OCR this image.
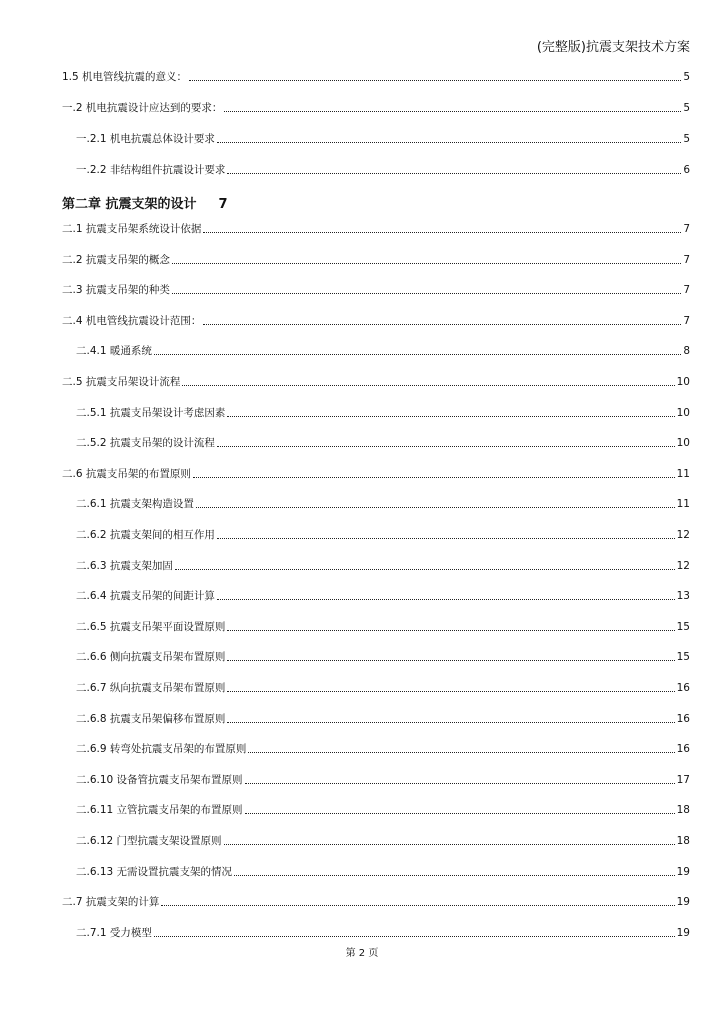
(完整版)抗震支架技术方案
1.5 机电管线抗震的意义：	5
一.2 机电抗震设计应达到的要求：	5
一.2.1 机电抗震总体设计要求	5
一.2.2 非结构组件抗震设计要求	6
第二章 抗震支架的设计 7
二.1 抗震支吊架系统设计依据	7
二.2 抗震支吊架的概念	7
二.3 抗震支吊架的种类	7
二.4 机电管线抗震设计范围：	7
二.4.1 暖通系统	8
二.5 抗震支吊架设计流程	10
二.5.1 抗震支吊架设计考虑因素	10
二.5.2 抗震支吊架的设计流程	10
二.6 抗震支吊架的布置原则	11
二.6.1 抗震支架构造设置	11
二.6.2 抗震支架间的相互作用	12
二.6.3 抗震支架加固	12
二.6.4 抗震支吊架的间距计算	13
二.6.5 抗震支吊架平面设置原则	15
二.6.6 侧向抗震支吊架布置原则	15
二.6.7 纵向抗震支吊架布置原则	16
二.6.8 抗震支吊架偏移布置原则	16
二.6.9 转弯处抗震支吊架的布置原则	16
二.6.10 设备管抗震支吊架布置原则	17
二.6.11 立管抗震支吊架的布置原则	18
二.6.12 门型抗震支架设置原则	18
二.6.13 无需设置抗震支架的情况	19
二.7 抗震支架的计算	19
二.7.1 受力模型	19
第 2 页
